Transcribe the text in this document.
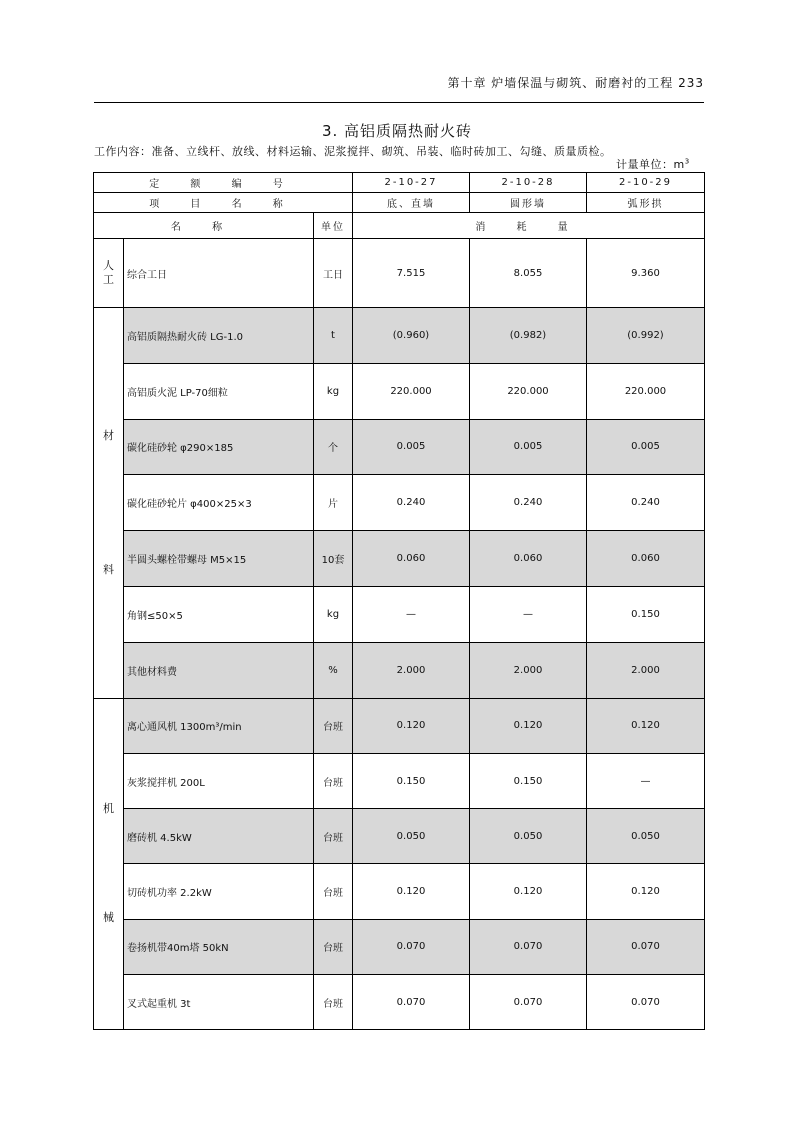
第十章 炉墙保温与砌筑、耐磨衬的工程 233
3. 高铝质隔热耐火砖
工作内容：准备、立线杆、放线、材料运输、泥浆搅拌、砌筑、吊装、临时砖加工、勾缝、质量质检。
计量单位：$m^3$
定 额 编 号			2-10-27	2-10-28	2-10-29
项 目 名 称			底、直墙	圆形墙	弧形拱
名 称		单位	消 耗 量		

人工	综合工日	工日	7.515	8.055	9.360

材
料	高铝质隔热耐火砖 LG-1.0	t	(0.960)	(0.982)	(0.992)
	高铝质火泥 LP-70细粒	kg	220.000	220.000	220.000
	碳化硅砂轮 φ290×185	个	0.005	0.005	0.005
	碳化硅砂轮片 φ400×25×3	片	0.240	0.240	0.240
	半圆头螺栓带螺母 M5×15	10套	0.060	0.060	0.060
	角钢≤50×5	kg	—	—	0.150
	其他材料费	%	2.000	2.000	2.000

机
械	离心通风机 1300m³/min	台班	0.120	0.120	0.120
	灰浆搅拌机 200L	台班	0.150	0.150	—
	磨砖机 4.5kW	台班	0.050	0.050	0.050
	切砖机功率 2.2kW	台班	0.120	0.120	0.120
	卷扬机带40m塔 50kN	台班	0.070	0.070	0.070
	叉式起重机 3t	台班	0.070	0.070	0.070
